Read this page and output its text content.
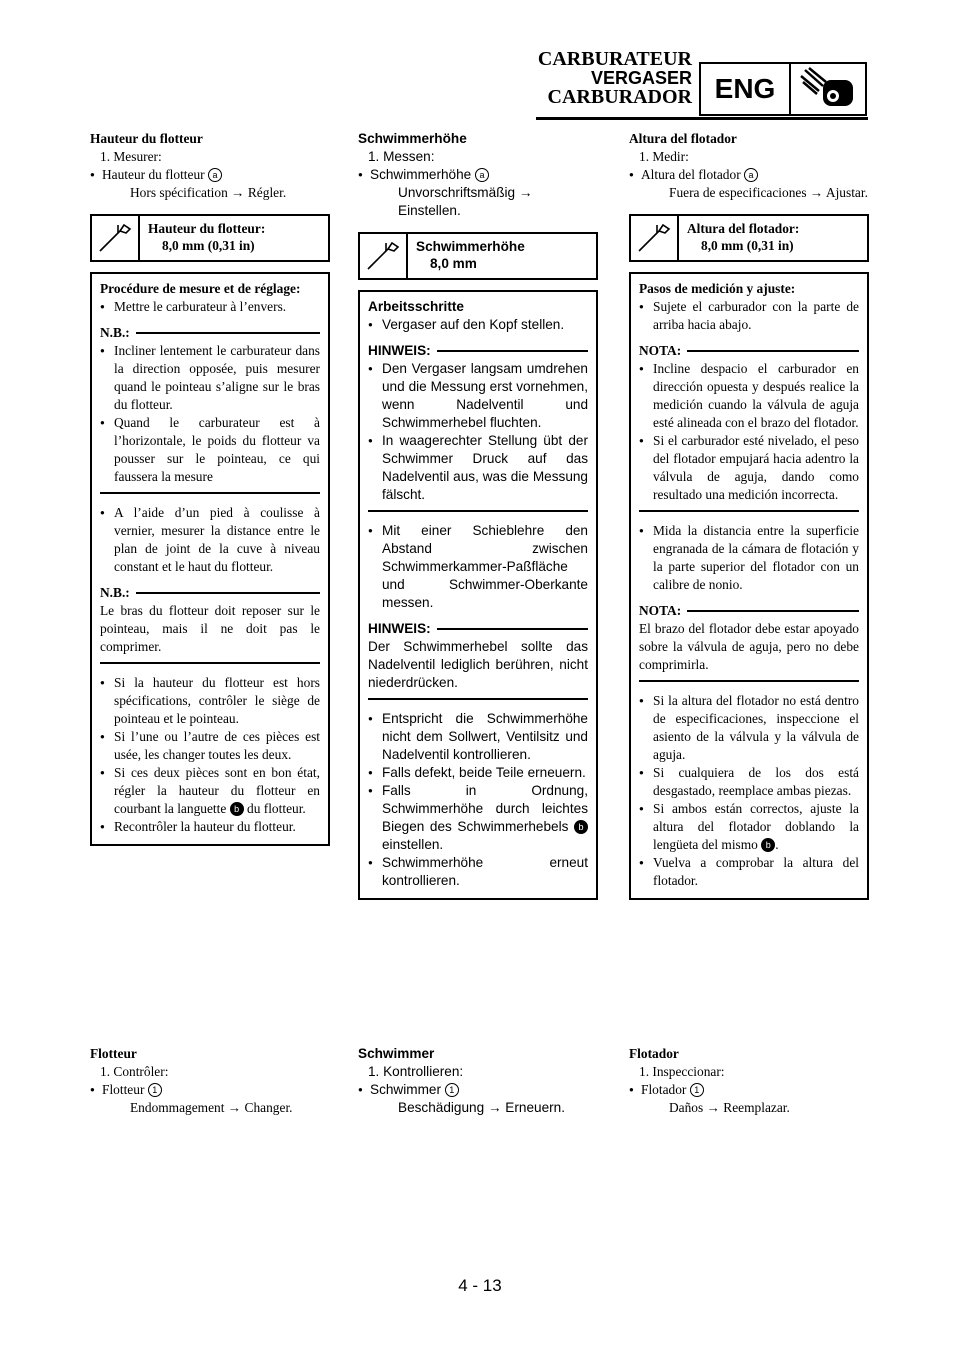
CARBURATEUR
VERGASER
CARBURADOR ENG

Hauteur du flotteur

1. Mesurer:
● Hauteur du flotteur a
Hors spécification → Régler.
Hauteur du flotteur:
8,0 mm (0,31 in)
Procédure de mesure et de réglage:
● Mettre le carburateur à l’envers.
N.B.:
● Incliner lentement le carburateur dans la direction opposée, puis mesurer quand le pointeau s’aligne sur le bras du flotteur.
● Quand le carburateur est à l’horizontale, le poids du flotteur va pousser sur le pointeau, ce qui faussera la mesure
● A l’aide d’un pied à coulisse à vernier, mesurer la distance entre le plan de joint de la cuve à niveau constant et le haut du flotteur.
N.B.:
Le bras du flotteur doit reposer sur le pointeau, mais il ne doit pas le comprimer.
● Si la hauteur du flotteur est hors spécifications, contrôler le siège de pointeau et le pointeau.
● Si l’une ou l’autre de ces pièces est usée, les changer toutes les deux.
● Si ces deux pièces sont en bon état, régler la hauteur du flotteur en courbant la languette b du flotteur.
● Recontrôler la hauteur du flotteur.

Schwimmerhöhe

1. Messen:
● Schwimmerhöhe a
Unvorschriftsmäßig → Einstellen.
Schwimmerhöhe
8,0 mm
Arbeitsschritte
● Vergaser auf den Kopf stellen.
HINWEIS:
● Den Vergaser langsam umdrehen und die Messung erst vornehmen, wenn Nadelventil und Schwimmerhebel fluchten.
● In waagerechter Stellung übt der Schwimmer Druck auf das Nadelventil aus, was die Messung fälscht.
● Mit einer Schieblehre den Abstand zwischen Schwimmerkammer-Paßfläche und Schwimmer-Oberkante messen.
HINWEIS:
Der Schwimmerhebel sollte das Nadelventil lediglich berühren, nicht niederdrücken.
● Entspricht die Schwimmerhöhe nicht dem Sollwert, Ventilsitz und Nadelventil kontrollieren.
● Falls defekt, beide Teile erneuern.
● Falls in Ordnung, Schwimmerhöhe durch leichtes Biegen des Schwimmerhebels b einstellen.
● Schwimmerhöhe erneut kontrollieren.

Altura del flotador

1. Medir:
● Altura del flotador a
Fuera de especificaciones → Ajustar.
Altura del flotador:
8,0 mm (0,31 in)
Pasos de medición y ajuste:
● Sujete el carburador con la parte de arriba hacia abajo.
NOTA:
● Incline despacio el carburador en dirección opuesta y después realice la medición cuando la válvula de aguja esté alineada con el brazo del flotador.
● Si el carburador esté nivelado, el peso del flotador empujará hacia adentro la válvula de aguja, dando como resultado una medición incorrecta.
● Mida la distancia entre la superficie engranada de la cámara de flotación y la parte superior del flotador con un calibre de nonio.
NOTA:
El brazo del flotador debe estar apoyado sobre la válvula de aguja, pero no debe comprimirla.
● Si la altura del flotador no está dentro de especificaciones, inspeccione el asiento de la válvula y la válvula de aguja.
● Si cualquiera de los dos está desgastado, reemplace ambas piezas.
● Si ambos están correctos, ajuste la altura del flotador doblando la lengüeta del mismo b .
● Vuelva a comprobar la altura del flotador.
Flotteur
1. Contrôler:
● Flotteur 1
Endommagement → Changer.
Schwimmer
1. Kontrollieren:
● Schwimmer 1
Beschädigung → Erneuern.
Flotador
1. Inspeccionar:
● Flotador 1
Daños → Reemplazar.
4 - 13
